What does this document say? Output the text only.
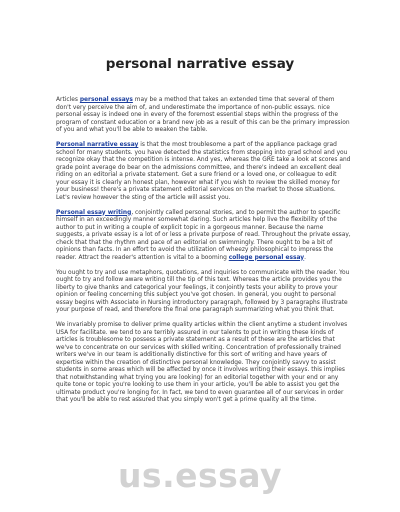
personal narrative essay

Articles personal essays may be a method that takes an extended time that several of them don't very perceive the aim of, and underestimate the importance of non-public essays. nice personal essay is indeed one in every of the foremost essential steps within the progress of the program of constant education or a brand new job as a result of this can be the primary impression of you and what you'll be able to weaken the table.

Personal narrative essay is that the most troublesome a part of the appliance package grad school for many students. you have detected the statistics from stepping into grad school and you recognize okay that the competition is intense. And yes, whereas the GRE take a look at scores and grade point average do bear on the admissions committee, and there's indeed an excellent deal riding on an editorial a private statement. Get a sure friend or a loved one, or colleague to edit your essay it is clearly an honest plan, however what if you wish to review the skilled money for your business! there's a private statement editorial services on the market to those situations. Let's review however the sting of the article will assist you.

Personal essay writing, conjointly called personal stories, and to permit the author to specific himself in an exceedingly manner somewhat daring. Such articles help live the flexibility of the author to put in writing a couple of explicit topic in a gorgeous manner. Because the name suggests, a private essay is a lot of or less a private purpose of read. Throughout the private essay, check that that the rhythm and pace of an editorial on swimmingly. There ought to be a bit of opinions than facts. In an effort to avoid the utilization of wheezy philosophical to impress the reader. Attract the reader's attention is vital to a booming college personal essay.

You ought to try and use metaphors, quotations, and inquiries to communicate with the reader. You ought to try and follow aware writing till the tip of this text. Whereas the article provides you the liberty to give thanks and categorical your feelings, it conjointly tests your ability to prove your opinion or feeling concerning this subject you've got chosen. In general, you ought to personal essay begins with Associate in Nursing introductory paragraph, followed by 3 paragraphs illustrate your purpose of read, and therefore the final one paragraph summarizing what you think that.

We invariably promise to deliver prime quality articles within the client anytime a student involves USA for facilitate. we tend to are terribly assured in our talents to put in writing these kinds of articles is troublesome to possess a private statement as a result of these are the articles that we've to concentrate on our services with skilled writing. Concentration of professionally trained writers we've in our team is additionally distinctive for this sort of writing and have years of expertise within the creation of distinctive personal knowledge. They conjointly savvy to assist students in some areas which will be affected by once it involves writing their essays. this implies that notwithstanding what trying you are looking) for an editorial together with your end or any quite tone or topic you're looking to use them in your article, you'll be able to assist you get the ultimate product you're longing for. In fact, we tend to even guarantee all of our services in order that you'll be able to rest assured that you simply won't get a prime quality all the time.

us.essay
